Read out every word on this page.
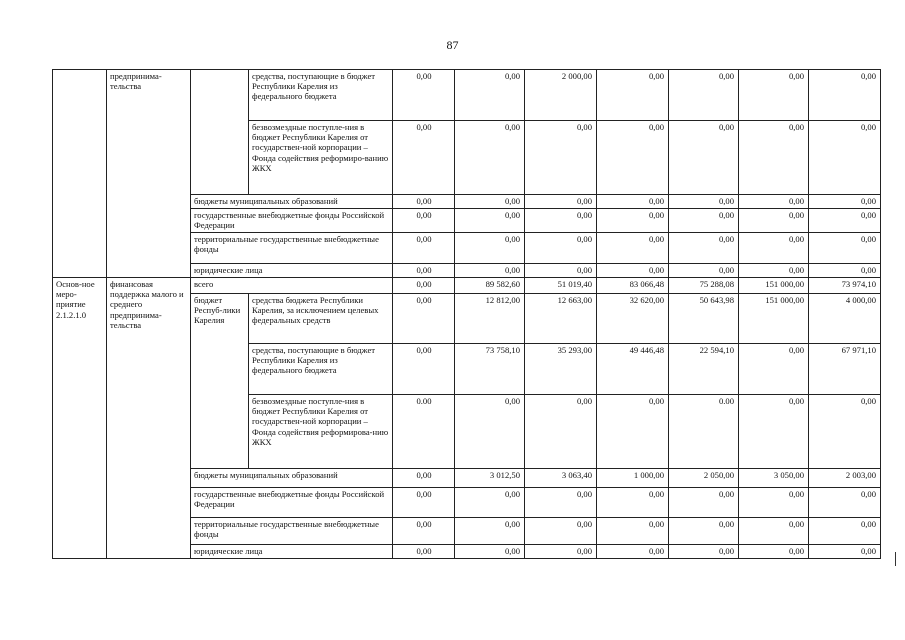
87
	предпринима-тельства		средства, поступающие в бюджет Республики Карелия из федерального бюджета	0,00	0,00	2 000,00	0,00	0,00	0,00	0,00
			безвозмездные поступле-ния в бюджет Республики Карелия от государствен-ной корпорации – Фонда содействия реформиро-ванию ЖКХ	0,00	0,00	0,00	0,00	0,00	0,00	0,00
		бюджеты муниципальных образований		0,00	0,00	0,00	0,00	0,00	0,00	0,00
		государственные внебюджетные фонды Российской Федерации		0,00	0,00	0,00	0,00	0,00	0,00	0,00
		территориальные государственные внебюджетные фонды		0,00	0,00	0,00	0,00	0,00	0,00	0,00
		юридические лица		0,00	0,00	0,00	0,00	0,00	0,00	0,00
Основ-ное меро-приятие 2.1.2.1.0	финансовая поддержка малого и среднего предпринима-тельства	всего		0,00	89 582,60	51 019,40	83 066,48	75 288,08	151 000,00	73 974,10
		бюджет Респуб-лики Карелия	средства бюджета Республики Карелия, за исключением целевых федеральных средств	0,00	12 812,00	12 663,00	32 620,00	50 643,98	151 000,00	4 000,00
			средства, поступающие в бюджет Республики Карелия из федерального бюджета	0,00	73 758,10	35 293,00	49 446,48	22 594,10	0,00	67 971,10
			безвозмездные поступле-ния в бюджет Республики Карелия от государствен-ной корпорации – Фонда содействия реформирова-нию ЖКХ	0.00	0,00	0,00	0,00	0.00	0,00	0,00
		бюджеты муниципальных образований		0,00	3 012,50	3 063,40	1 000,00	2 050,00	3 050,00	2 003,00
		государственные внебюджетные фонды Российской Федерации		0,00	0,00	0,00	0,00	0,00	0,00	0,00
		территориальные государственные внебюджетные фонды		0,00	0,00	0,00	0,00	0,00	0,00	0,00
		юридические лица		0,00	0,00	0,00	0,00	0,00	0,00	0,00
